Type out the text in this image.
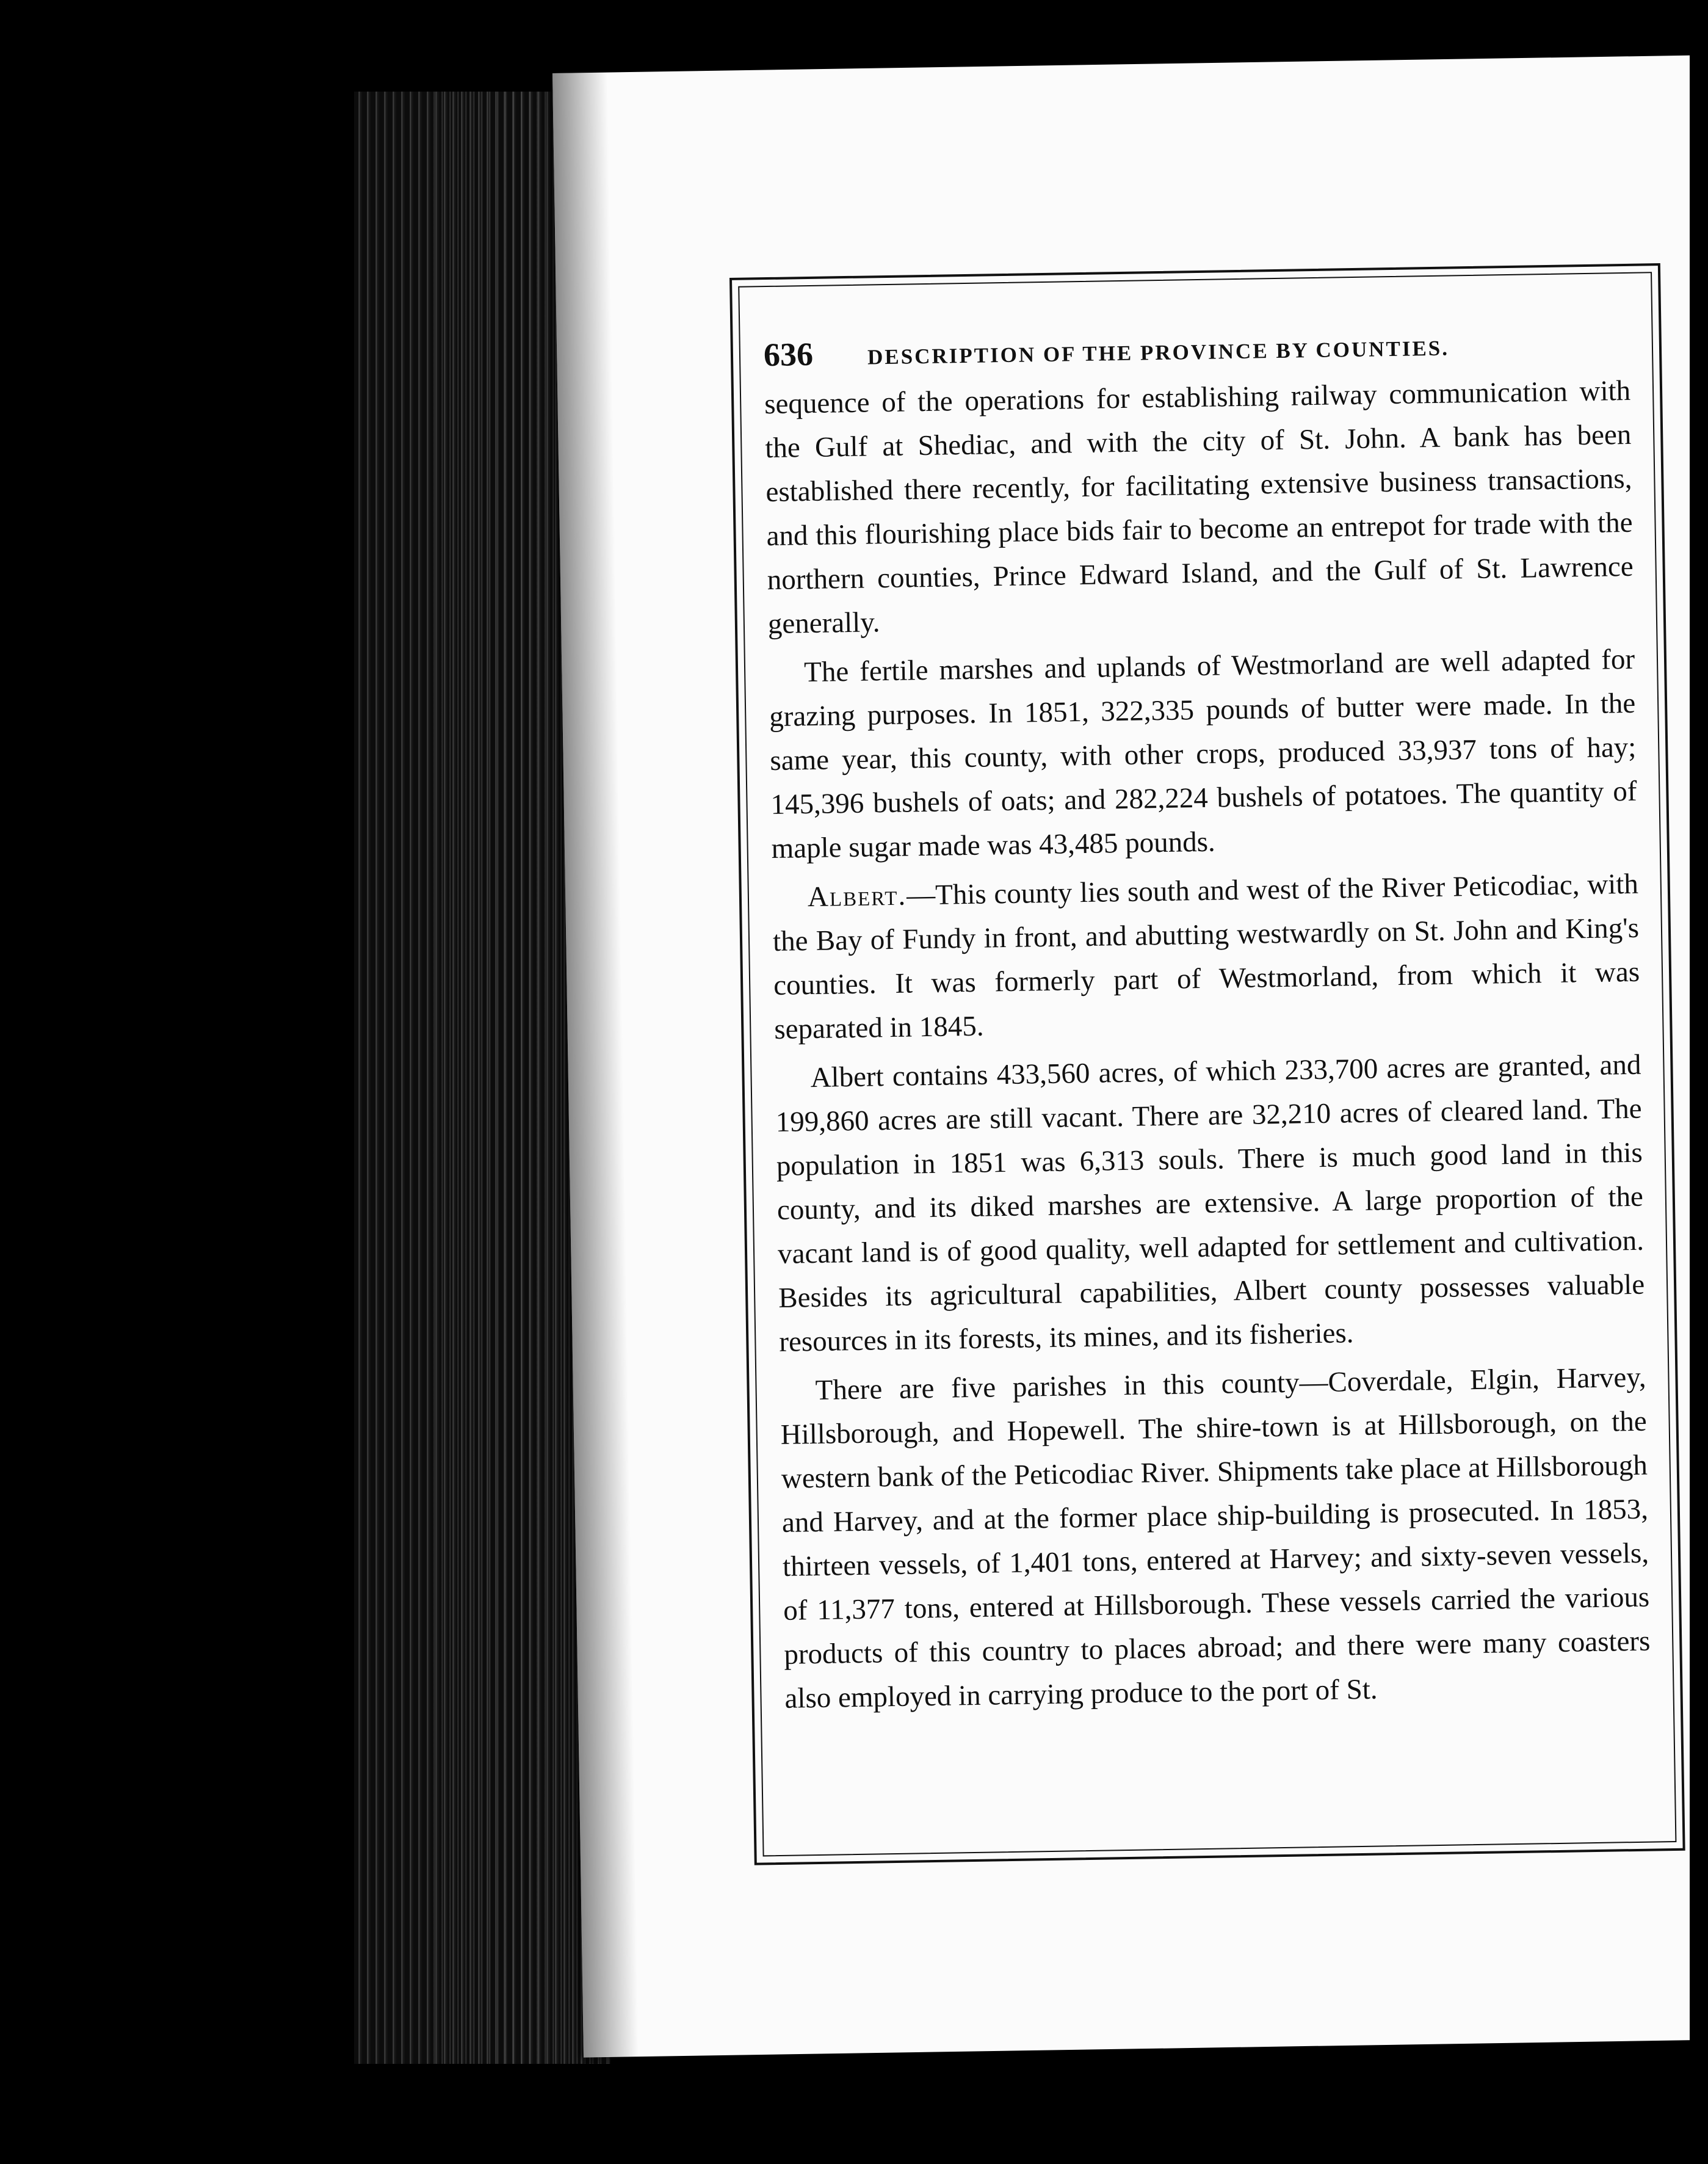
636	DESCRIPTION OF THE PROVINCE BY COUNTIES.

sequence of the operations for establishing railway communication with the Gulf at Shediac, and with the city of St. John. A bank has been established there recently, for facilitating extensive business transactions, and this flourishing place bids fair to become an entrepot for trade with the northern counties, Prince Edward Island, and the Gulf of St. Lawrence generally.

The fertile marshes and uplands of Westmorland are well adapted for grazing purposes. In 1851, 322,335 pounds of butter were made. In the same year, this county, with other crops, produced 33,937 tons of hay; 145,396 bushels of oats; and 282,224 bushels of potatoes. The quantity of maple sugar made was 43,485 pounds.

Albert.—This county lies south and west of the River Peticodiac, with the Bay of Fundy in front, and abutting westwardly on St. John and King's counties. It was formerly part of Westmorland, from which it was separated in 1845.

Albert contains 433,560 acres, of which 233,700 acres are granted, and 199,860 acres are still vacant. There are 32,210 acres of cleared land. The population in 1851 was 6,313 souls. There is much good land in this county, and its diked marshes are extensive. A large proportion of the vacant land is of good quality, well adapted for settlement and cultivation. Besides its agricultural capabilities, Albert county possesses valuable resources in its forests, its mines, and its fisheries.

There are five parishes in this county—Coverdale, Elgin, Harvey, Hillsborough, and Hopewell. The shire-town is at Hillsborough, on the western bank of the Peticodiac River. Shipments take place at Hillsborough and Harvey, and at the former place ship-building is prosecuted. In 1853, thirteen vessels, of 1,401 tons, entered at Harvey; and sixty-seven vessels, of 11,377 tons, entered at Hillsborough. These vessels carried the various products of this country to places abroad; and there were many coasters also employed in carrying produce to the port of St.
